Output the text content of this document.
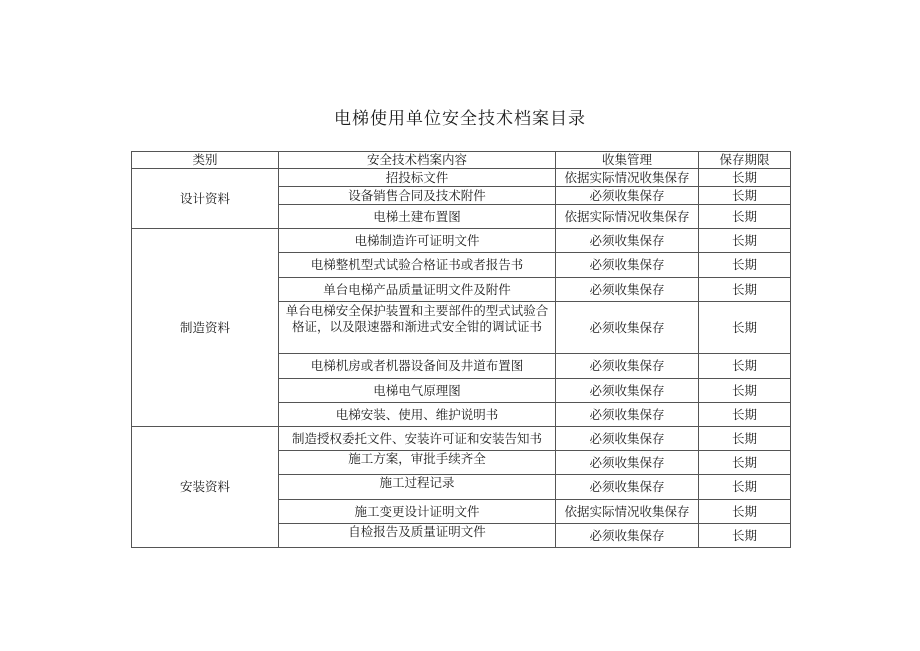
电梯使用单位安全技术档案目录
类别	安全技术档案内容	收集管理	保存期限
设计资料	招投标文件	依据实际情况收集保存	长期
	设备销售合同及技术附件	必须收集保存	长期
	电梯土建布置图	依据实际情况收集保存	长期
制造资料	电梯制造许可证明文件	必须收集保存	长期
	电梯整机型式试验合格证书或者报告书	必须收集保存	长期
	单台电梯产品质量证明文件及附件	必须收集保存	长期
	单台电梯安全保护装置和主要部件的型式试验合格证，以及限速器和渐进式安全钳的调试证书	必须收集保存	长期
	电梯机房或者机器设备间及井道布置图	必须收集保存	长期
	电梯电气原理图	必须收集保存	长期
	电梯安装、使用、维护说明书	必须收集保存	长期
安装资料	制造授权委托文件、安装许可证和安装告知书	必须收集保存	长期
	施工方案，审批手续齐全	必须收集保存	长期
	施工过程记录	必须收集保存	长期
	施工变更设计证明文件	依据实际情况收集保存	长期
	自检报告及质量证明文件	必须收集保存	长期
